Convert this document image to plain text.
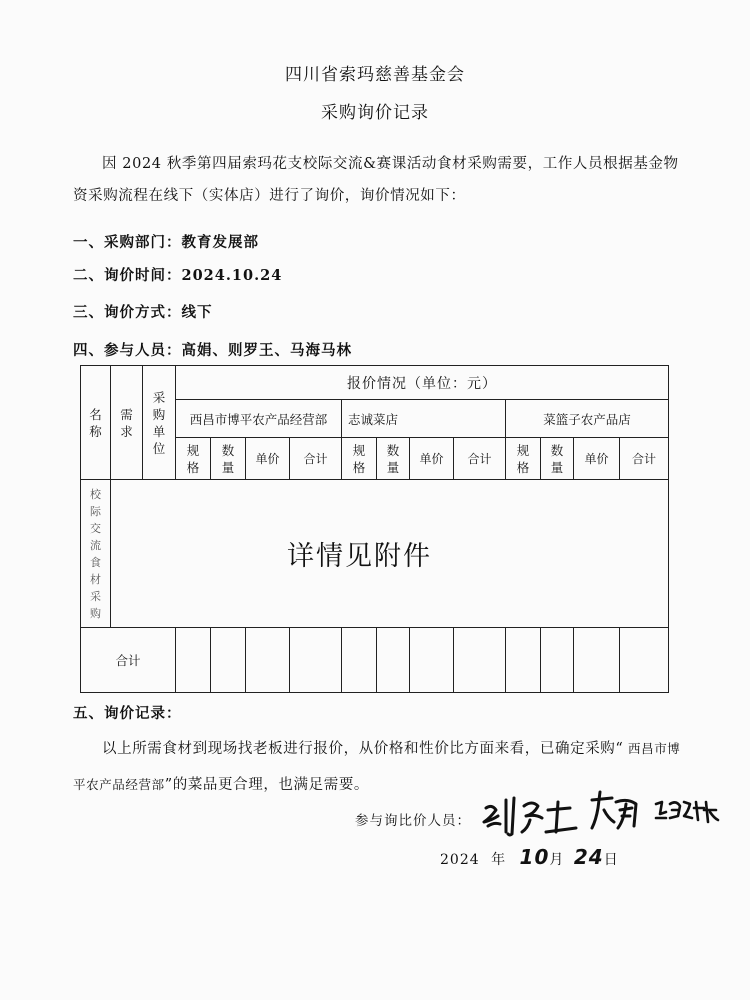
四川省索玛慈善基金会
采购询价记录
因 2024 秋季第四届索玛花支校际交流&赛课活动食材采购需要，工作人员根据基金物资采购流程在线下（实体店）进行了询价，询价情况如下：
一、采购部门：教育发展部
二、询价时间：2024.10.24
三、询价方式：线下
四、参与人员：高娟、则罗王、马海马林
名称	需求	采购单位	报价情况（单位：元）											
			西昌市博平农产品经营部				志诚菜店				菜篮子农产品店			
			规格	数量	单价	合计	规格	数量	单价	合计	规格	数量	单价	合计
校际交流食材采购	详情见附件													
合计														
五、询价记录：
以上所需食材到现场找老板进行报价，从价格和性价比方面来看，已确定采购“ 西昌市博平农产品经营部”的菜品更合理，也满足需要。
参与询比价人员：
2024 年 10月 24日
